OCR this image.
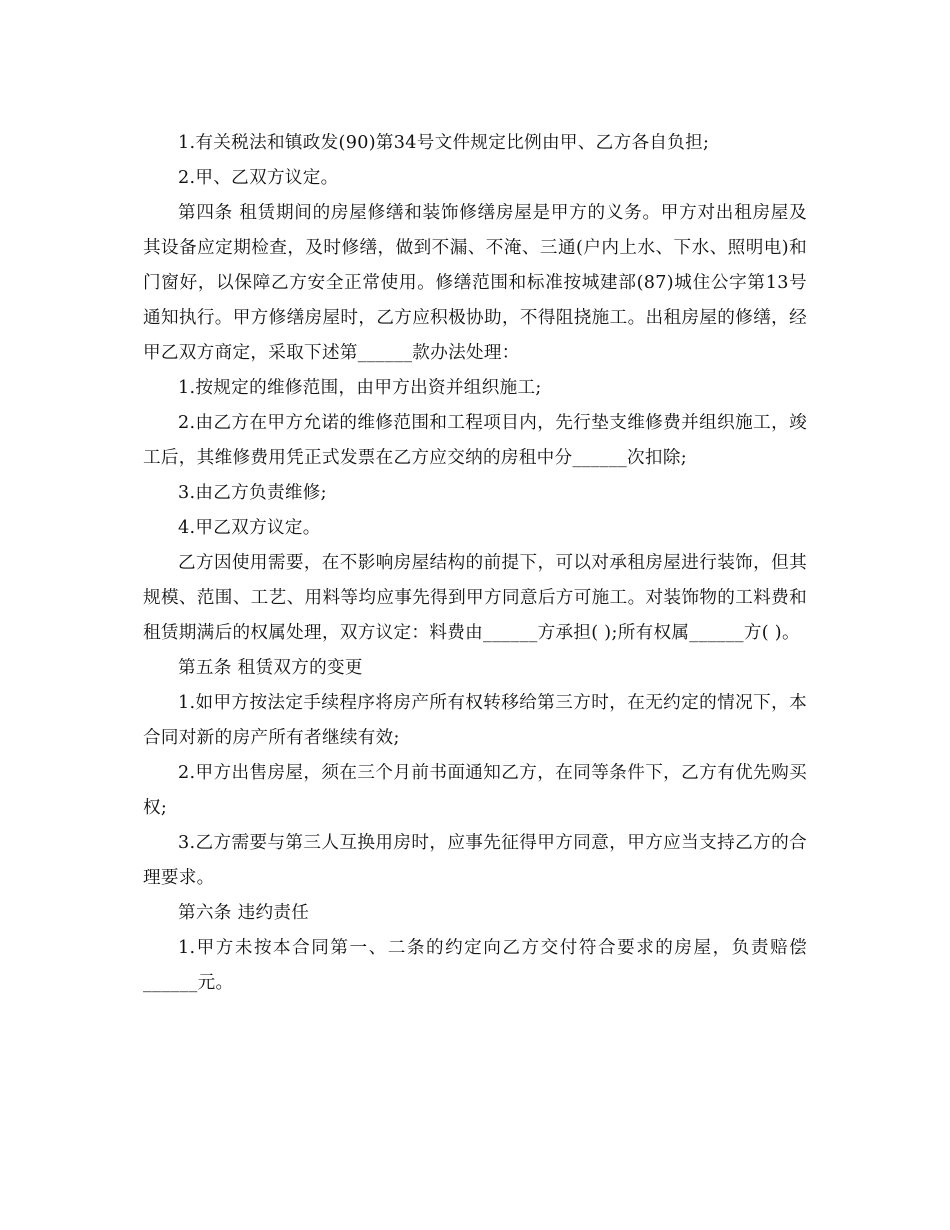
1.有关税法和镇政发(90)第34号文件规定比例由甲、乙方各自负担;

2.甲、乙双方议定。

第四条 租赁期间的房屋修缮和装饰修缮房屋是甲方的义务。甲方对出租房屋及其设备应定期检查，及时修缮，做到不漏、不淹、三通(户内上水、下水、照明电)和门窗好，以保障乙方安全正常使用。修缮范围和标准按城建部(87)城住公字第13号通知执行。甲方修缮房屋时，乙方应积极协助，不得阻挠施工。出租房屋的修缮，经甲乙双方商定，采取下述第______款办法处理：

1.按规定的维修范围，由甲方出资并组织施工;

2.由乙方在甲方允诺的维修范围和工程项目内，先行垫支维修费并组织施工，竣工后，其维修费用凭正式发票在乙方应交纳的房租中分______次扣除;

3.由乙方负责维修;

4.甲乙双方议定。

乙方因使用需要，在不影响房屋结构的前提下，可以对承租房屋进行装饰，但其规模、范围、工艺、用料等均应事先得到甲方同意后方可施工。对装饰物的工料费和租赁期满后的权属处理，双方议定：料费由______方承担( );所有权属______方( )。

第五条 租赁双方的变更

1.如甲方按法定手续程序将房产所有权转移给第三方时，在无约定的情况下，本合同对新的房产所有者继续有效;

2.甲方出售房屋，须在三个月前书面通知乙方，在同等条件下，乙方有优先购买权;

3.乙方需要与第三人互换用房时，应事先征得甲方同意，甲方应当支持乙方的合理要求。

第六条 违约责任

1.甲方未按本合同第一、二条的约定向乙方交付符合要求的房屋，负责赔偿______元。
